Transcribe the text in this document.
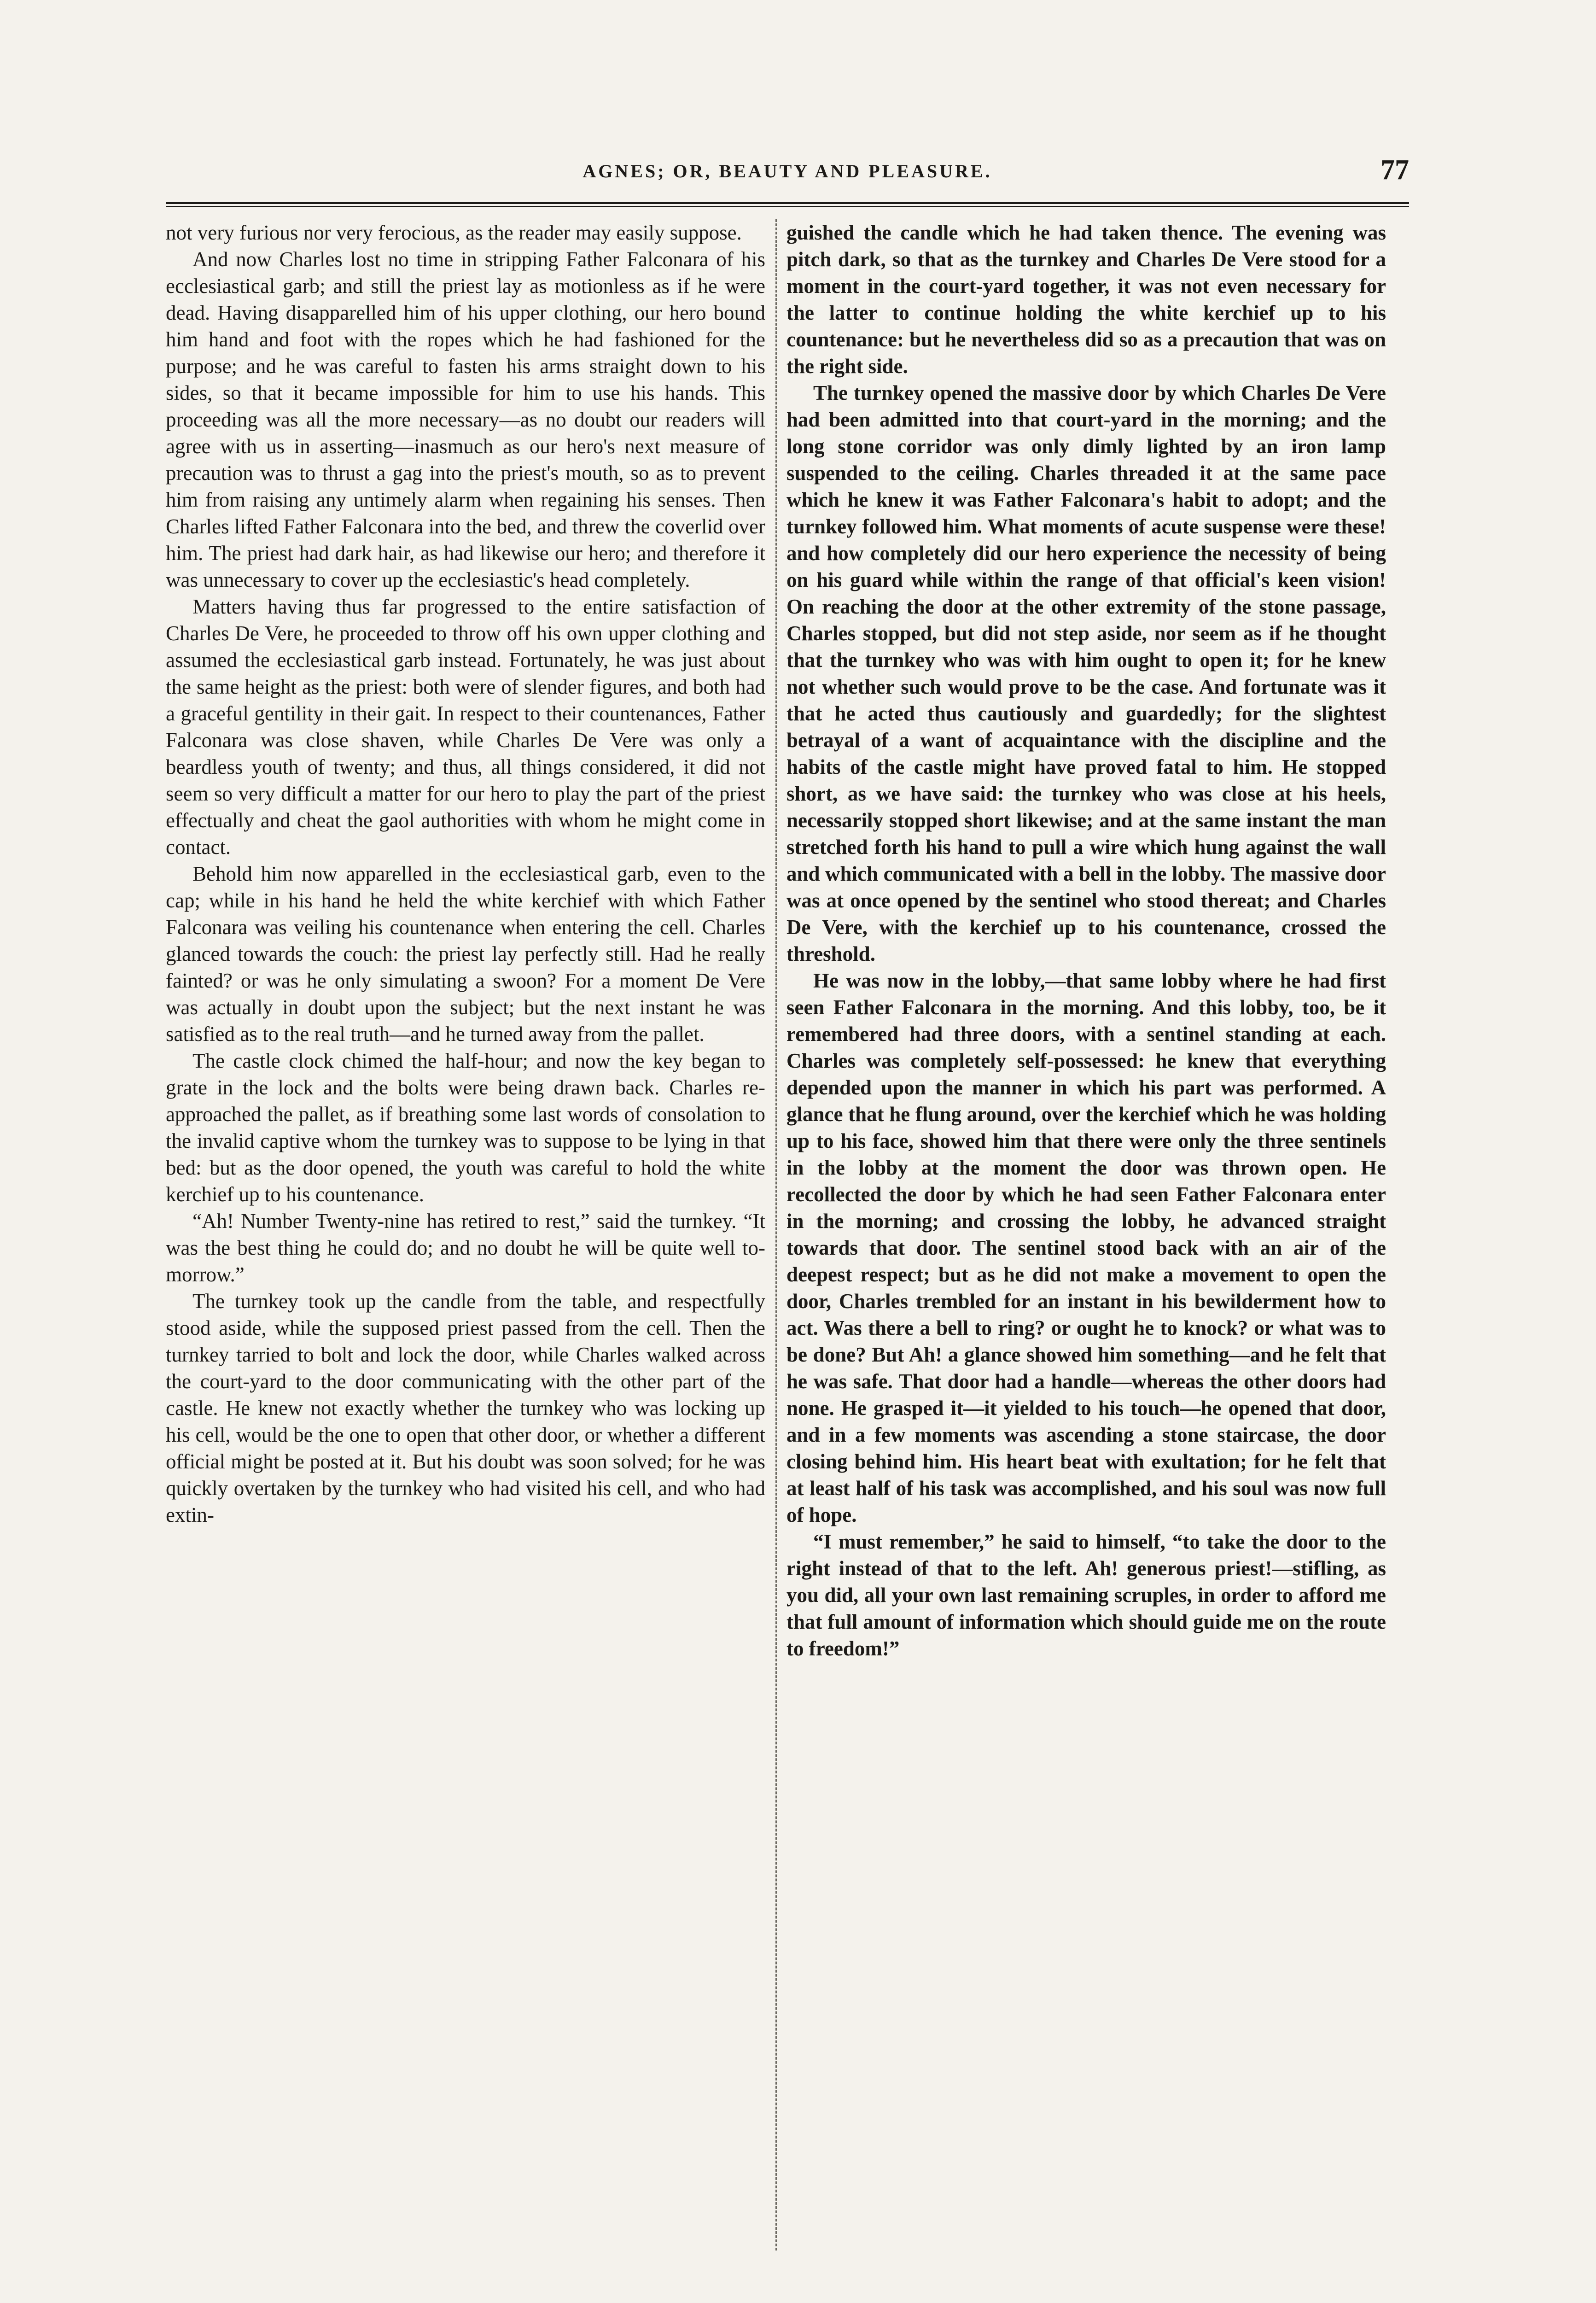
AGNES; OR, BEAUTY AND PLEASURE.	77

not very furious nor very ferocious, as the reader may easily suppose.

And now Charles lost no time in stripping Father Falconara of his ecclesiastical garb; and still the priest lay as motionless as if he were dead. Having disapparelled him of his upper clothing, our hero bound him hand and foot with the ropes which he had fashioned for the purpose; and he was careful to fasten his arms straight down to his sides, so that it became impossible for him to use his hands. This proceeding was all the more necessary—as no doubt our readers will agree with us in asserting—inasmuch as our hero's next measure of precaution was to thrust a gag into the priest's mouth, so as to prevent him from raising any untimely alarm when regaining his senses. Then Charles lifted Father Falconara into the bed, and threw the coverlid over him. The priest had dark hair, as had likewise our hero; and therefore it was unnecessary to cover up the ecclesiastic's head completely.

Matters having thus far progressed to the entire satisfaction of Charles De Vere, he proceeded to throw off his own upper clothing and assumed the ecclesiastical garb instead. Fortunately, he was just about the same height as the priest: both were of slender figures, and both had a graceful gentility in their gait. In respect to their countenances, Father Falconara was close shaven, while Charles De Vere was only a beardless youth of twenty; and thus, all things considered, it did not seem so very difficult a matter for our hero to play the part of the priest effectually and cheat the gaol authorities with whom he might come in contact.

Behold him now apparelled in the ecclesiastical garb, even to the cap; while in his hand he held the white kerchief with which Father Falconara was veiling his countenance when entering the cell. Charles glanced towards the couch: the priest lay perfectly still. Had he really fainted? or was he only simulating a swoon? For a moment De Vere was actually in doubt upon the subject; but the next instant he was satisfied as to the real truth—and he turned away from the pallet.

The castle clock chimed the half-hour; and now the key began to grate in the lock and the bolts were being drawn back. Charles re-approached the pallet, as if breathing some last words of consolation to the invalid captive whom the turnkey was to suppose to be lying in that bed: but as the door opened, the youth was careful to hold the white kerchief up to his countenance.

“Ah! Number Twenty-nine has retired to rest,” said the turnkey. “It was the best thing he could do; and no doubt he will be quite well to-morrow.”

The turnkey took up the candle from the table, and respectfully stood aside, while the supposed priest passed from the cell. Then the turnkey tarried to bolt and lock the door, while Charles walked across the court-yard to the door communicating with the other part of the castle. He knew not exactly whether the turnkey who was locking up his cell, would be the one to open that other door, or whether a different official might be posted at it. But his doubt was soon solved; for he was quickly overtaken by the turnkey who had visited his cell, and who had extin-

guished the candle which he had taken thence. The evening was pitch dark, so that as the turnkey and Charles De Vere stood for a moment in the court-yard together, it was not even necessary for the latter to continue holding the white kerchief up to his countenance: but he nevertheless did so as a precaution that was on the right side.

The turnkey opened the massive door by which Charles De Vere had been admitted into that court-yard in the morning; and the long stone corridor was only dimly lighted by an iron lamp suspended to the ceiling. Charles threaded it at the same pace which he knew it was Father Falconara's habit to adopt; and the turnkey followed him. What moments of acute suspense were these! and how completely did our hero experience the necessity of being on his guard while within the range of that official's keen vision! On reaching the door at the other extremity of the stone passage, Charles stopped, but did not step aside, nor seem as if he thought that the turnkey who was with him ought to open it; for he knew not whether such would prove to be the case. And fortunate was it that he acted thus cautiously and guardedly; for the slightest betrayal of a want of acquaintance with the discipline and the habits of the castle might have proved fatal to him. He stopped short, as we have said: the turnkey who was close at his heels, necessarily stopped short likewise; and at the same instant the man stretched forth his hand to pull a wire which hung against the wall and which communicated with a bell in the lobby. The massive door was at once opened by the sentinel who stood thereat; and Charles De Vere, with the kerchief up to his countenance, crossed the threshold.

He was now in the lobby,—that same lobby where he had first seen Father Falconara in the morning. And this lobby, too, be it remembered had three doors, with a sentinel standing at each. Charles was completely self-possessed: he knew that everything depended upon the manner in which his part was performed. A glance that he flung around, over the kerchief which he was holding up to his face, showed him that there were only the three sentinels in the lobby at the moment the door was thrown open. He recollected the door by which he had seen Father Falconara enter in the morning; and crossing the lobby, he advanced straight towards that door. The sentinel stood back with an air of the deepest respect; but as he did not make a movement to open the door, Charles trembled for an instant in his bewilderment how to act. Was there a bell to ring? or ought he to knock? or what was to be done? But Ah! a glance showed him something—and he felt that he was safe. That door had a handle—whereas the other doors had none. He grasped it—it yielded to his touch—he opened that door, and in a few moments was ascending a stone staircase, the door closing behind him. His heart beat with exultation; for he felt that at least half of his task was accomplished, and his soul was now full of hope.

“I must remember,” he said to himself, “to take the door to the right instead of that to the left. Ah! generous priest!—stifling, as you did, all your own last remaining scruples, in order to afford me that full amount of information which should guide me on the route to freedom!”
